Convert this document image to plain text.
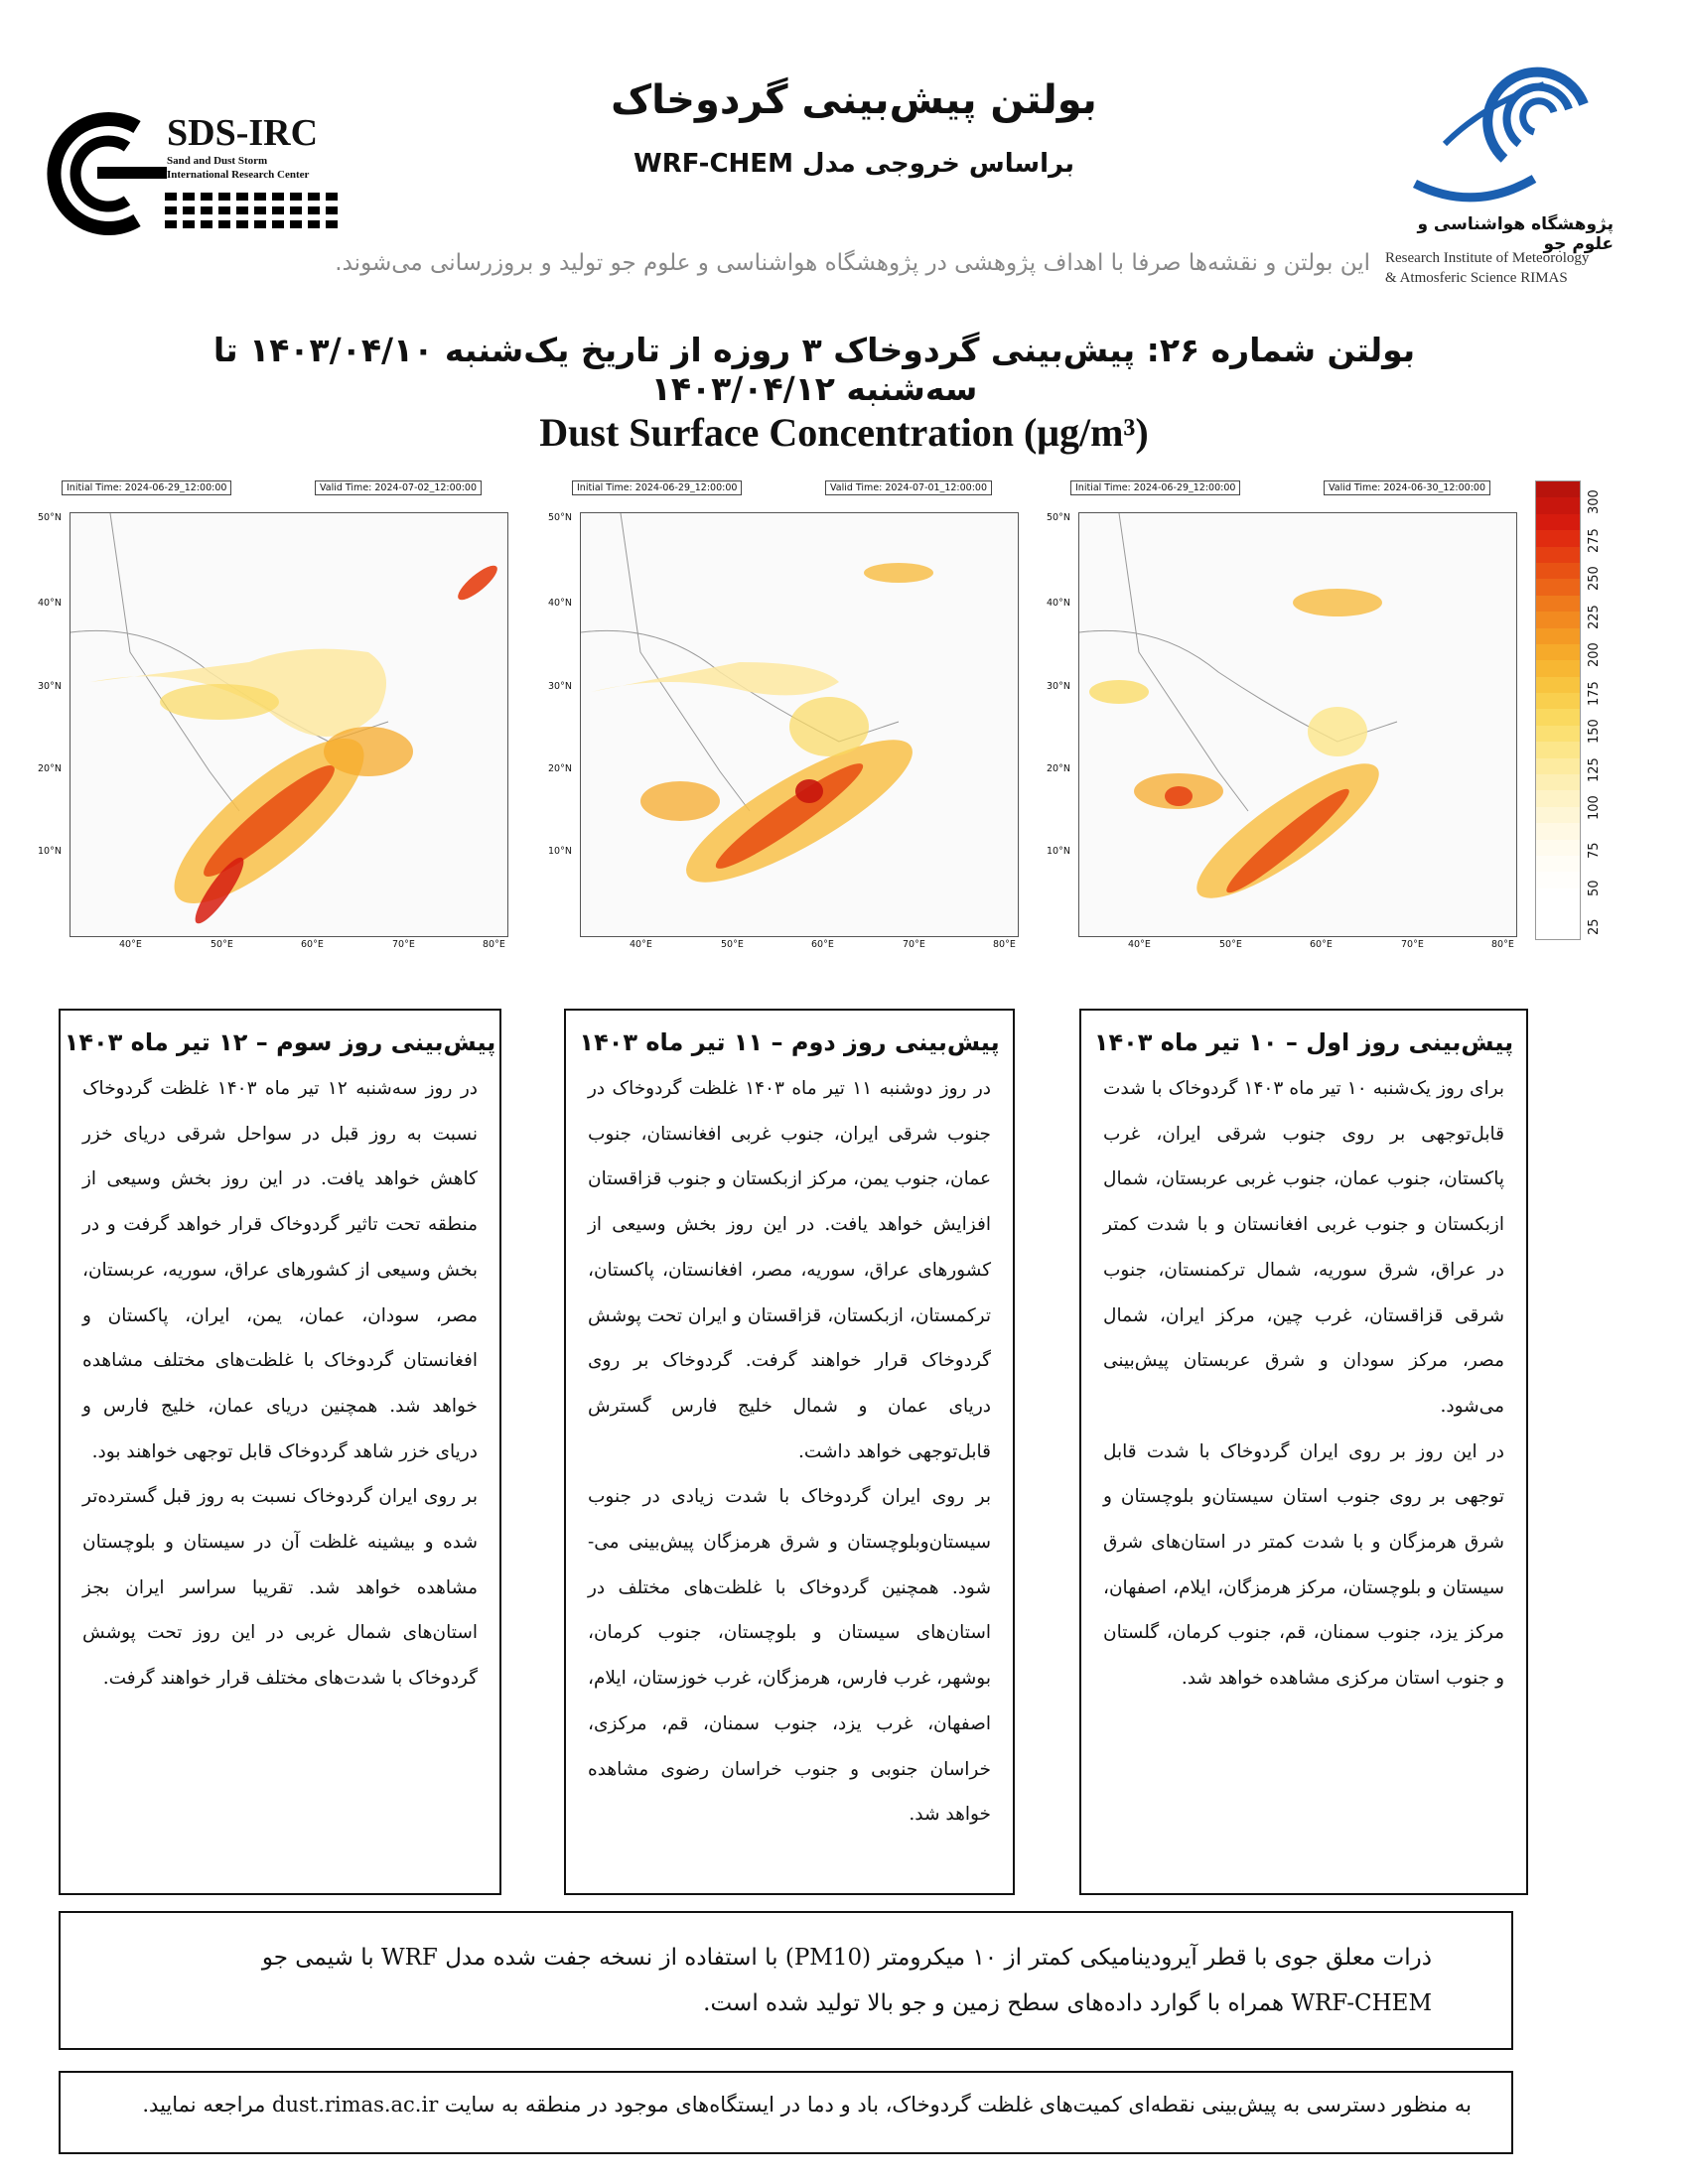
SDS-IRC
Sand and Dust Storm
International Research Center
پژوهشگاه هواشناسی و علوم جو
Research Institute of Meteorology
& Atmosferic Science RIMAS
بولتن پیش‌بینی گردوخاک
براساس خروجی مدل WRF-CHEM
این بولتن و نقشه‌ها صرفا با اهداف پژوهشی در پژوهشگاه هواشناسی و علوم جو تولید و بروزرسانی می‌شوند.
بولتن شماره ۲۶: پیش‌بینی گردوخاک ۳ روزه از تاریخ یک‌شنبه ۱۴۰۳/۰۴/۱۰ تا سه‌شنبه ۱۴۰۳/۰۴/۱۲
Dust Surface Concentration (μg/m³)
Initial Time: 2024-06-29_12:00:00	Valid Time: 2024-07-02_12:00:00
50°N
40°N
30°N
20°N
10°N
40°E	50°E	60°E	70°E	80°E
Initial Time: 2024-06-29_12:00:00	Valid Time: 2024-07-01_12:00:00
50°N
40°N
30°N
20°N
10°N
40°E	50°E	60°E	70°E	80°E
Initial Time: 2024-06-29_12:00:00	Valid Time: 2024-06-30_12:00:00
50°N
40°N
30°N
20°N
10°N
40°E	50°E	60°E	70°E	80°E
300
275
250
225
200
175
150
125
100
75
50
25
پیش‌بینی روز سوم – ۱۲ تیر ماه ۱۴۰۳

در روز سه‌شنبه ۱۲ تیر ماه ۱۴۰۳ غلظت گردوخاک نسبت به روز قبل در سواحل شرقی دریای خزر کاهش خواهد یافت. در این روز بخش وسیعی از منطقه تحت تاثیر گردوخاک قرار خواهد گرفت و در بخش وسیعی از کشورهای عراق، سوریه، عربستان، مصر، سودان، عمان، یمن، ایران، پاکستان و افغانستان گردوخاک با غلظت‌های مختلف مشاهده خواهد شد. همچنین دریای عمان، خلیج فارس و دریای خزر شاهد گردوخاک قابل توجهی خواهند بود.

بر روی ایران گردوخاک نسبت به روز قبل گسترده‌تر شده و بیشینه غلظت آن در سیستان و بلوچستان مشاهده خواهد شد. تقریبا سراسر ایران بجز استان‌های شمال غربی در این روز تحت پوشش گردوخاک با شدت‌های مختلف قرار خواهند گرفت.

پیش‌بینی روز دوم – ۱۱ تیر ماه ۱۴۰۳

در روز دوشنبه ۱۱ تیر ماه ۱۴۰۳ غلظت گردوخاک در جنوب شرقی ایران، جنوب غربی افغانستان، جنوب عمان، جنوب یمن، مرکز ازبکستان و جنوب قزاقستان افزایش خواهد یافت. در این روز بخش وسیعی از کشورهای عراق، سوریه، مصر، افغانستان، پاکستان، ترکمستان، ازبکستان، قزاقستان و ایران تحت پوشش گردوخاک قرار خواهند گرفت. گردوخاک بر روی دریای عمان و شمال خلیج فارس گسترش قابل‌توجهی خواهد داشت.

بر روی ایران گردوخاک با شدت زیادی در جنوب سیستان‌وبلوچستان و شرق هرمزگان پیش‌بینی می-شود. همچنین گردوخاک با غلظت‌های مختلف در استان‌های سیستان و بلوچستان، جنوب کرمان، بوشهر، غرب فارس، هرمزگان، غرب خوزستان، ایلام، اصفهان، غرب یزد، جنوب سمنان، قم، مرکزی، خراسان جنوبی و جنوب خراسان رضوی مشاهده خواهد شد.

پیش‌بینی روز اول – ۱۰ تیر ماه ۱۴۰۳

برای روز یک‌شنبه ۱۰ تیر ماه ۱۴۰۳ گردوخاک با شدت قابل‌توجهی بر روی جنوب شرقی ایران، غرب پاکستان، جنوب عمان، جنوب غربی عربستان، شمال ازبکستان و جنوب غربی افغانستان و با شدت کمتر در عراق، شرق سوریه، شمال ترکمنستان، جنوب شرقی قزاقستان، غرب چین، مرکز ایران، شمال مصر، مرکز سودان و شرق عربستان پیش‌بینی می‌شود.

در این روز بر روی ایران گردوخاک با شدت قابل توجهی بر روی جنوب استان سیستان‌و بلوچستان و شرق هرمزگان و با شدت کمتر در استان‌های شرق سیستان و بلوچستان، مرکز هرمزگان، ایلام، اصفهان، مرکز یزد، جنوب سمنان، قم، جنوب کرمان، گلستان و جنوب استان مرکزی مشاهده خواهد شد.

ذرات معلق جوی با قطر آیرودینامیکی کمتر از ۱۰ میکرومتر (PM10) با استفاده از نسخه جفت شده مدل WRF با شیمی جو
WRF-CHEM همراه با گوارد داده‌های سطح زمین و جو بالا تولید شده است.
به منظور دسترسی به پیش‌بینی نقطه‌ای کمیت‌های غلظت گردوخاک، باد و دما در ایستگاه‌های موجود در منطقه به سایت dust.rimas.ac.ir مراجعه نمایید.
